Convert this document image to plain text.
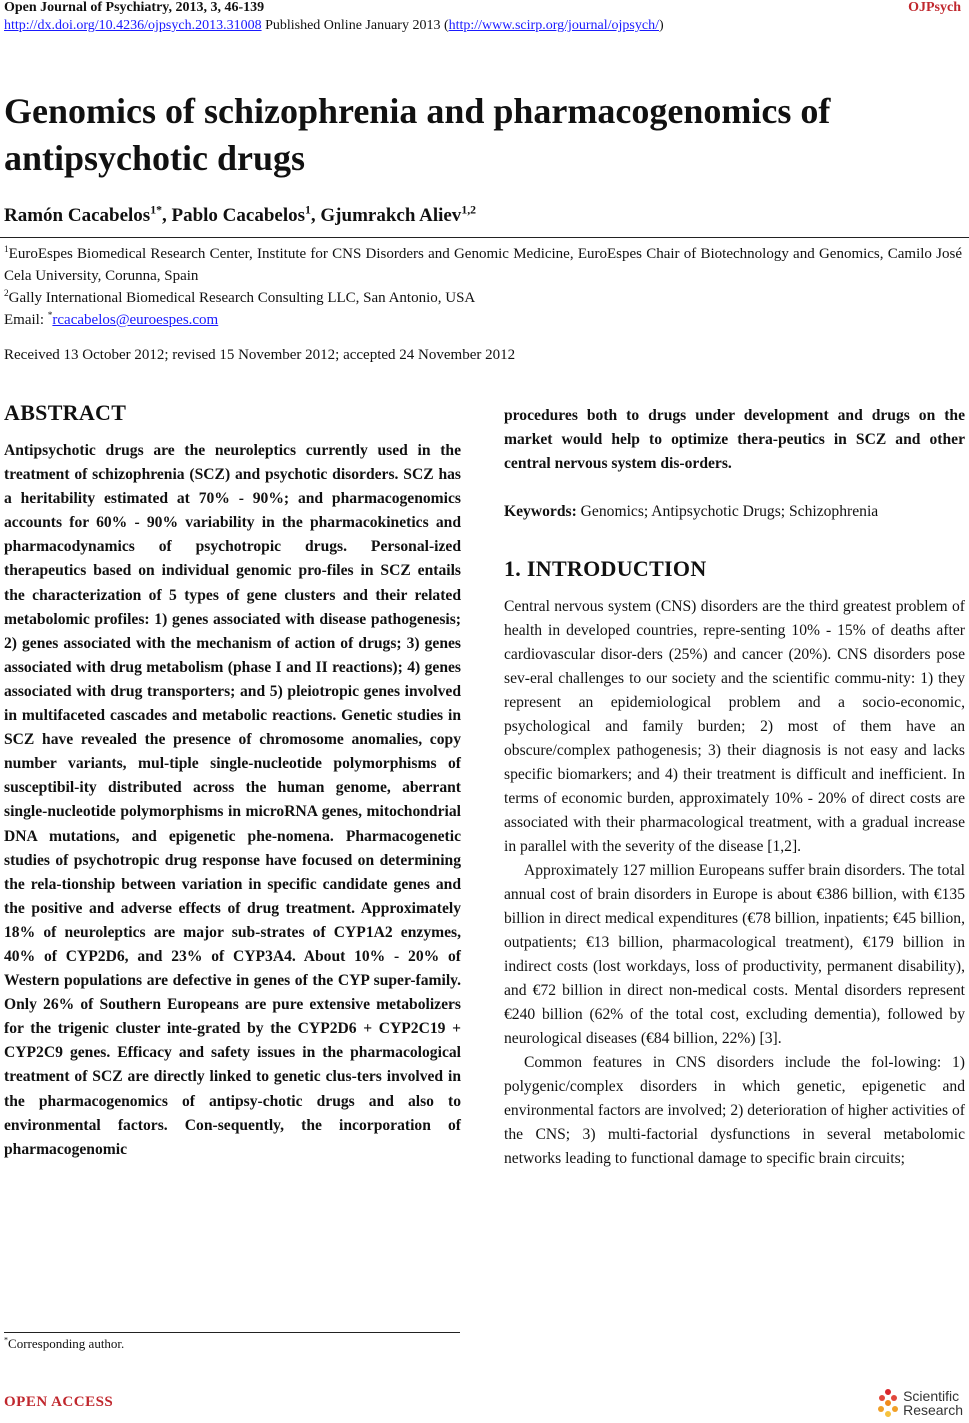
Open Journal of Psychiatry, 2013, 3, 46-139	OJPsych
http://dx.doi.org/10.4236/ojpsych.2013.31008 Published Online January 2013 (http://www.scirp.org/journal/ojpsych/)
Genomics of schizophrenia and pharmacogenomics of antipsychotic drugs
Ramón Cacabelos$^{1*}$, Pablo Cacabelos$^1$, Gjumrakch Aliev$^{1,2}$
$^1$EuroEspes Biomedical Research Center, Institute for CNS Disorders and Genomic Medicine, EuroEspes Chair of Biotechnology and Genomics, Camilo José Cela University, Corunna, Spain
$^2$Gally International Biomedical Research Consulting LLC, San Antonio, USA
Email: *rcacabelos@euroespes.com
Received 13 October 2012; revised 15 November 2012; accepted 24 November 2012
ABSTRACT

Antipsychotic drugs are the neuroleptics currently used in the treatment of schizophrenia (SCZ) and psychotic disorders. SCZ has a heritability estimated at 70% - 90%; and pharmacogenomics accounts for 60% - 90% variability in the pharmacokinetics and pharmacodynamics of psychotropic drugs. Personal-ized therapeutics based on individual genomic pro-files in SCZ entails the characterization of 5 types of gene clusters and their related metabolomic profiles: 1) genes associated with disease pathogenesis; 2) genes associated with the mechanism of action of drugs; 3) genes associated with drug metabolism (phase I and II reactions); 4) genes associated with drug transporters; and 5) pleiotropic genes involved in multifaceted cascades and metabolic reactions. Genetic studies in SCZ have revealed the presence of chromosome anomalies, copy number variants, mul-tiple single-nucleotide polymorphisms of susceptibil-ity distributed across the human genome, aberrant single-nucleotide polymorphisms in microRNA genes, mitochondrial DNA mutations, and epigenetic phe-nomena. Pharmacogenetic studies of psychotropic drug response have focused on determining the rela-tionship between variation in specific candidate genes and the positive and adverse effects of drug treatment. Approximately 18% of neuroleptics are major sub-strates of CYP1A2 enzymes, 40% of CYP2D6, and 23% of CYP3A4. About 10% - 20% of Western populations are defective in genes of the CYP super-family. Only 26% of Southern Europeans are pure extensive metabolizers for the trigenic cluster inte-grated by the CYP2D6 + CYP2C19 + CYP2C9 genes. Efficacy and safety issues in the pharmacological treatment of SCZ are directly linked to genetic clus-ters involved in the pharmacogenomics of antipsy-chotic drugs and also to environmental factors. Con-sequently, the incorporation of pharmacogenomic

*Corresponding author.

procedures both to drugs under development and drugs on the market would help to optimize thera-peutics in SCZ and other central nervous system dis-orders.

Keywords: Genomics; Antipsychotic Drugs; Schizophrenia
1. INTRODUCTION

Central nervous system (CNS) disorders are the third greatest problem of health in developed countries, repre-senting 10% - 15% of deaths after cardiovascular disor-ders (25%) and cancer (20%). CNS disorders pose sev-eral challenges to our society and the scientific commu-nity: 1) they represent an epidemiological problem and a socio-economic, psychological and family burden; 2) most of them have an obscure/complex pathogenesis; 3) their diagnosis is not easy and lacks specific biomarkers; and 4) their treatment is difficult and inefficient. In terms of economic burden, approximately 10% - 20% of direct costs are associated with their pharmacological treatment, with a gradual increase in parallel with the severity of the disease [1,2].

Approximately 127 million Europeans suffer brain disorders. The total annual cost of brain disorders in Europe is about €386 billion, with €135 billion in direct medical expenditures (€78 billion, inpatients; €45 billion, outpatients; €13 billion, pharmacological treatment), €179 billion in indirect costs (lost workdays, loss of productivity, permanent disability), and €72 billion in direct non-medical costs. Mental disorders represent €240 billion (62% of the total cost, excluding dementia), followed by neurological diseases (€84 billion, 22%) [3].

Common features in CNS disorders include the fol-lowing: 1) polygenic/complex disorders in which genetic, epigenetic and environmental factors are involved; 2) deterioration of higher activities of the CNS; 3) multi-factorial dysfunctions in several metabolomic networks leading to functional damage to specific brain circuits;

OPEN ACCESS	Scientific
Research
